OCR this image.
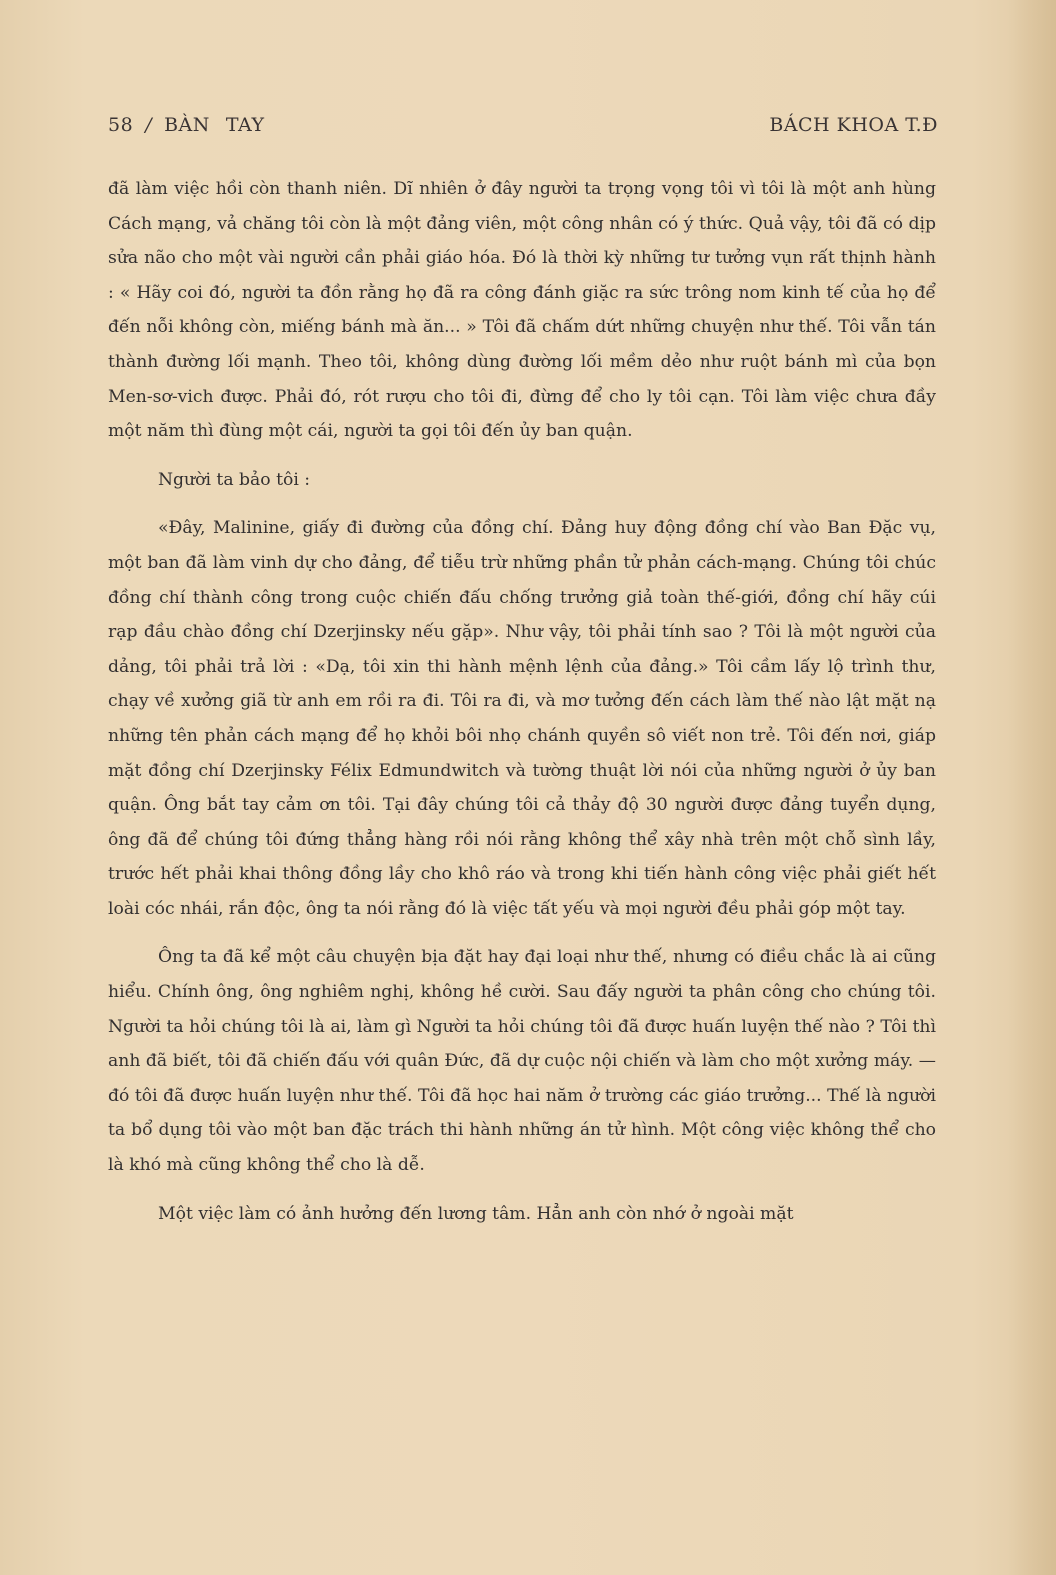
58 / BÀN TAY	BÁCH KHOA T.Đ

đã làm việc hồi còn thanh niên. Dĩ nhiên ở đây người ta trọng vọng tôi vì tôi là một anh hùng Cách mạng, vả chăng tôi còn là một đảng viên, một công nhân có ý thức. Quả vậy, tôi đã có dịp sửa não cho một vài người cần phải giáo hóa. Đó là thời kỳ những tư tưởng vụn rất thịnh hành : « Hãy coi đó, người ta đồn rằng họ đã ra công đánh giặc ra sức trông nom kinh tế của họ để đến nỗi không còn, miếng bánh mà ăn... » Tôi đã chấm dứt những chuyện như thế. Tôi vẫn tán thành đường lối mạnh. Theo tôi, không dùng đường lối mềm dẻo như ruột bánh mì của bọn Men-sơ-vich được. Phải đó, rót rượu cho tôi đi, đừng để cho ly tôi cạn. Tôi làm việc chưa đầy một năm thì đùng một cái, người ta gọi tôi đến ủy ban quận.

Người ta bảo tôi :

«Đây, Malinine, giấy đi đường của đồng chí. Đảng huy động đồng chí vào Ban Đặc vụ, một ban đã làm vinh dự cho đảng, để tiễu trừ những phần tử phản cách-mạng. Chúng tôi chúc đồng chí thành công trong cuộc chiến đấu chống trưởng giả toàn thế-giới, đồng chí hãy cúi rạp đầu chào đồng chí Dzerjinsky nếu gặp». Như vậy, tôi phải tính sao ? Tôi là một người của dảng, tôi phải trả lời : «Dạ, tôi xin thi hành mệnh lệnh của đảng.» Tôi cầm lấy lộ trình thư, chạy về xưởng giã từ anh em rồi ra đi. Tôi ra đi, và mơ tưởng đến cách làm thế nào lật mặt nạ những tên phản cách mạng để họ khỏi bôi nhọ chánh quyền sô viết non trẻ. Tôi đến nơi, giáp mặt đồng chí Dzerjinsky Félix Edmundwitch và tường thuật lời nói của những người ở ủy ban quận. Ông bắt tay cảm ơn tôi. Tại đây chúng tôi cả thảy độ 30 người được đảng tuyển dụng, ông đã để chúng tôi đứng thẳng hàng rồi nói rằng không thể xây nhà trên một chỗ sình lầy, trước hết phải khai thông đồng lầy cho khô ráo và trong khi tiến hành công việc phải giết hết loài cóc nhái, rắn độc, ông ta nói rằng đó là việc tất yếu và mọi người đều phải góp một tay.

Ông ta đã kể một câu chuyện bịa đặt hay đại loại như thế, nhưng có điều chắc là ai cũng hiểu. Chính ông, ông nghiêm nghị, không hề cười. Sau đấy người ta phân công cho chúng tôi. Người ta hỏi chúng tôi là ai, làm gì Người ta hỏi chúng tôi đã được huấn luyện thế nào ? Tôi thì anh đã biết, tôi đã chiến đấu với quân Đức, đã dự cuộc nội chiến và làm cho một xưởng máy. — đó tôi đã được huấn luyện như thế. Tôi đã học hai năm ở trường các giáo trưởng... Thế là người ta bổ dụng tôi vào một ban đặc trách thi hành những án tử hình. Một công việc không thể cho là khó mà cũng không thể cho là dễ.

Một việc làm có ảnh hưởng đến lương tâm. Hẳn anh còn nhớ ở ngoài mặt
